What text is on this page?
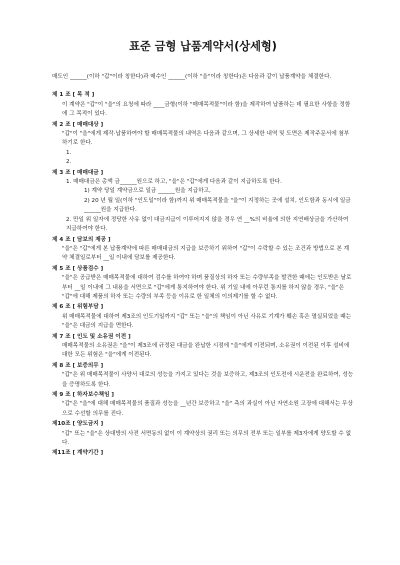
표준 금형 납품계약서(상세형)
매도인 ______(이하 "갑"이라 칭한다)과 매수인 ______(이하 "을"이라 칭한다)은 다음과 같이 납품계약을 체결한다.
제 1 조 [ 목 적 ]
이 계약은 "갑"이 "을"의 요청에 따라 ____금형(이하 "매매목적물"이라 함)을 제작하여 납품하는 데 필요한 사항을 정함에 그 목적이 있다.
제 2 조 [ 매매대상 ]
"갑"이 "을"에게 제작·납품하여야 할 매매목적물의 내역은 다음과 같으며, 그 상세한 내역 및 도면은 제작주문서에 첨부하기로 한다.
1.
2.
제 3 조 [ 매매대금 ]
1. 매매대금은 총액 금______원으로 하고, "을"은 "갑"에게 다음과 같이 지급하도록 한다.
1) 계약 당일 계약금으로 일금 ______원을 지급하고,
2) 20 년 월 일(이하 "인도일"이라 함)까지 위 매매목적물을 "을"이 지정하는 곳에 설치, 인도함과 동시에 일금 ______원을 지급한다.
2. 만일 위 일자에 정당한 사유 없이 대금지급이 이루어지지 않을 경우 연 __%의 비율에 의한 지연배상금을 가산하여 지급하여야 한다.
제 4 조 [ 담보의 제공 ]
"을"은 "갑"에게 본 납품계약에 따른 매매대금의 지급을 보증하기 위하여 "갑"이 수락할 수 있는 조건과 방법으로 본 계약 체결일로부터 __일 이내에 담보를 제공한다.
제 5 조 [ 상품검수 ]
"을"은 공급받은 매매목적물에 대하여 검수를 하여야 하며 품질상의 하자 또는 수량부족을 발견한 때에는 인도받은 날로부터 __일 이내에 그 내용을 서면으로 "갑"에게 통지하여야 한다. 위 기일 내에 아무런 통지를 하지 않을 경우, "을"은 "갑"에 대해 제품의 하자 또는 수량의 부족 등을 이유로 한 일체의 이의제기를 할 수 없다.
제 6 조 [ 위험부담 ]
위 매매목적물에 대하여 제3조의 인도기일까지 "갑" 또는 "을"의 책임이 아닌 사유로 기계가 훼손 혹은 멸실되었을 때는 "을"은 대금의 지급을 면한다.
제 7 조 [ 인도 및 소유권 이전 ]
매매목적물의 소유권은 "을"이 제3조에 규정된 대금을 완납한 시점에 "을"에게 이전되며, 소유권이 이전된 이후 설비에 대한 모든 위험은 "을"에게 이전된다.
제 8 조 [ 보증의무 ]
"갑"은 위 매매목적물이 사양서 대로의 성능을 가지고 있다는 것을 보증하고, 제3조의 인도전에 시운전을 완료하여, 성능을 증명하도록 한다.
제 9 조 [ 하자보수책임 ]
"갑"은 "을"에 대해 매매목적물의 품질과 성능을 __년간 보증하고 "을" 측의 과실이 아닌 자연소원 고장에 대해서는 무상으로 수선할 의무를 진다.
제10조 [ 양도금지 ]
"갑" 또는 "을"은 상대방의 사전 서면동의 없이 이 계약상의 권리 또는 의무의 전부 또는 일부를 제3자에게 양도할 수 없다.
제11조 [ 계약기간 ]
